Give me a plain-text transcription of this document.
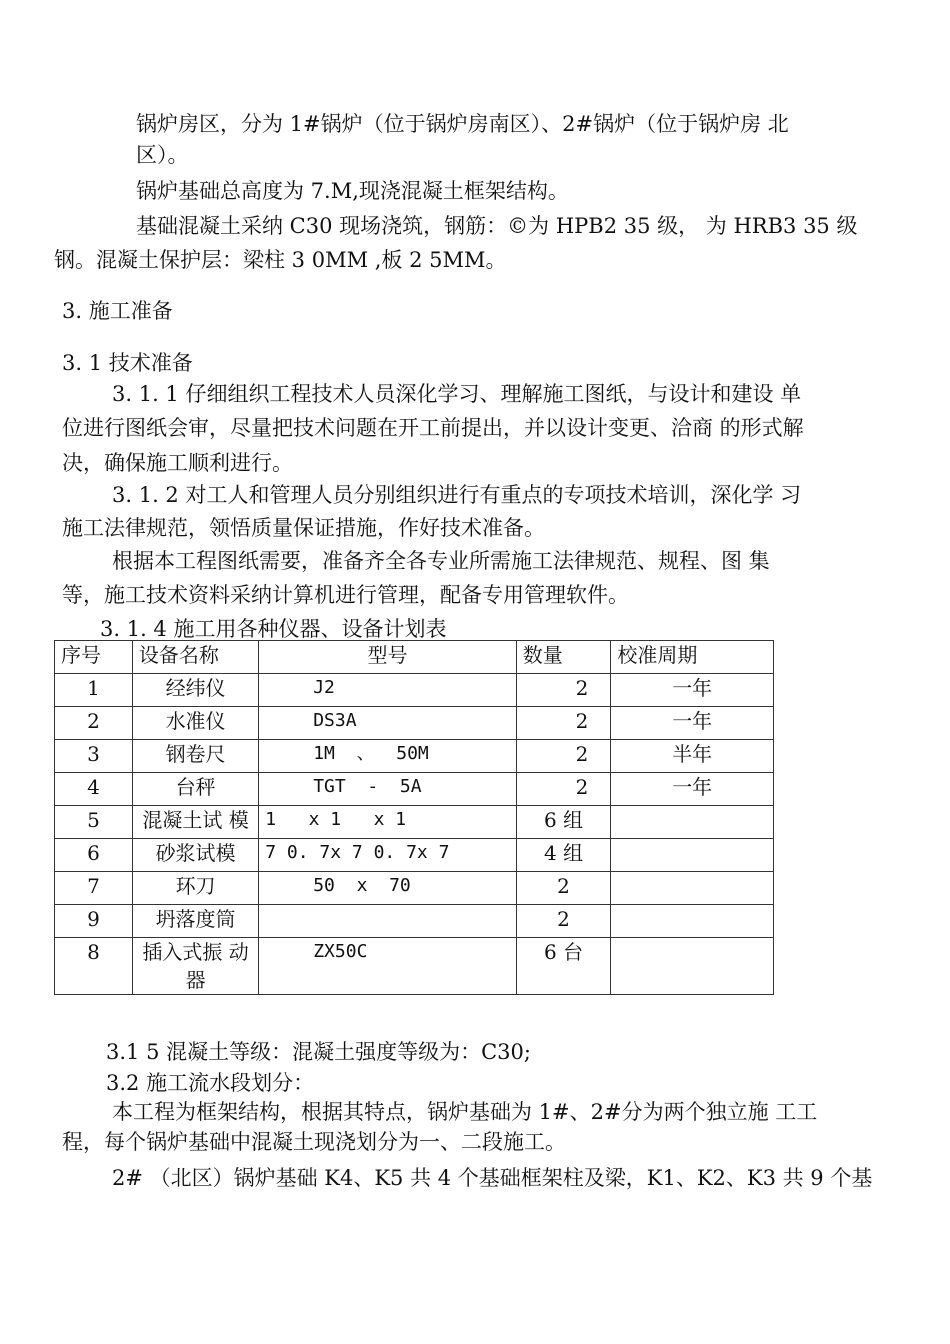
锅炉房区，分为 1#锅炉（位于锅炉房南区）、2#锅炉（位于锅炉房 北
区）。
锅炉基础总高度为 7.M,现浇混凝土框架结构。
基础混凝土采纳 C30 现场浇筑，钢筋：©为 HPB2 35 级， 为 HRB3 35 级
钢。混凝土保护层：梁柱 3 0MM ,板 2 5MM。
3. 施工准备
3. 1 技术准备
3. 1. 1 仔细组织工程技术人员深化学习、理解施工图纸，与设计和建设 单
位进行图纸会审，尽量把技术问题在开工前提出，并以设计变更、洽商 的形式解
决，确保施工顺利进行。
3. 1. 2 对工人和管理人员分别组织进行有重点的专项技术培训，深化学 习
施工法律规范，领悟质量保证措施，作好技术准备。
根据本工程图纸需要，准备齐全各专业所需施工法律规范、规程、图 集
等，施工技术资料采纳计算机进行管理，配备专用管理软件。
3. 1. 4 施工用各种仪器、设备计划表
序号	设备名称	型号	数量	校准周期
1	经纬仪	J2	2	一年
2	水准仪	DS3A	2	一年
3	钢卷尺	1M  、  50M	2	半年
4	台秤	TGT  -  5A	2	一年
5	混凝土试 模	1   x 1   x 1	6 组	
6	砂浆试模	7 0. 7x 7 0. 7x 7	4 组	
7	环刀	50  x  70	2	
9	坍落度筒		2	
8	插入式振 动器	ZX50C	6 台	
3.1 5 混凝土等级：混凝土强度等级为：C30;
3.2 施工流水段划分：
本工程为框架结构，根据其特点，锅炉基础为 1#、2#分为两个独立施 工工
程，每个锅炉基础中混凝土现浇划分为一、二段施工。
2# （北区）锅炉基础 K4、K5 共 4 个基础框架柱及梁，K1、K2、K3 共 9 个基
